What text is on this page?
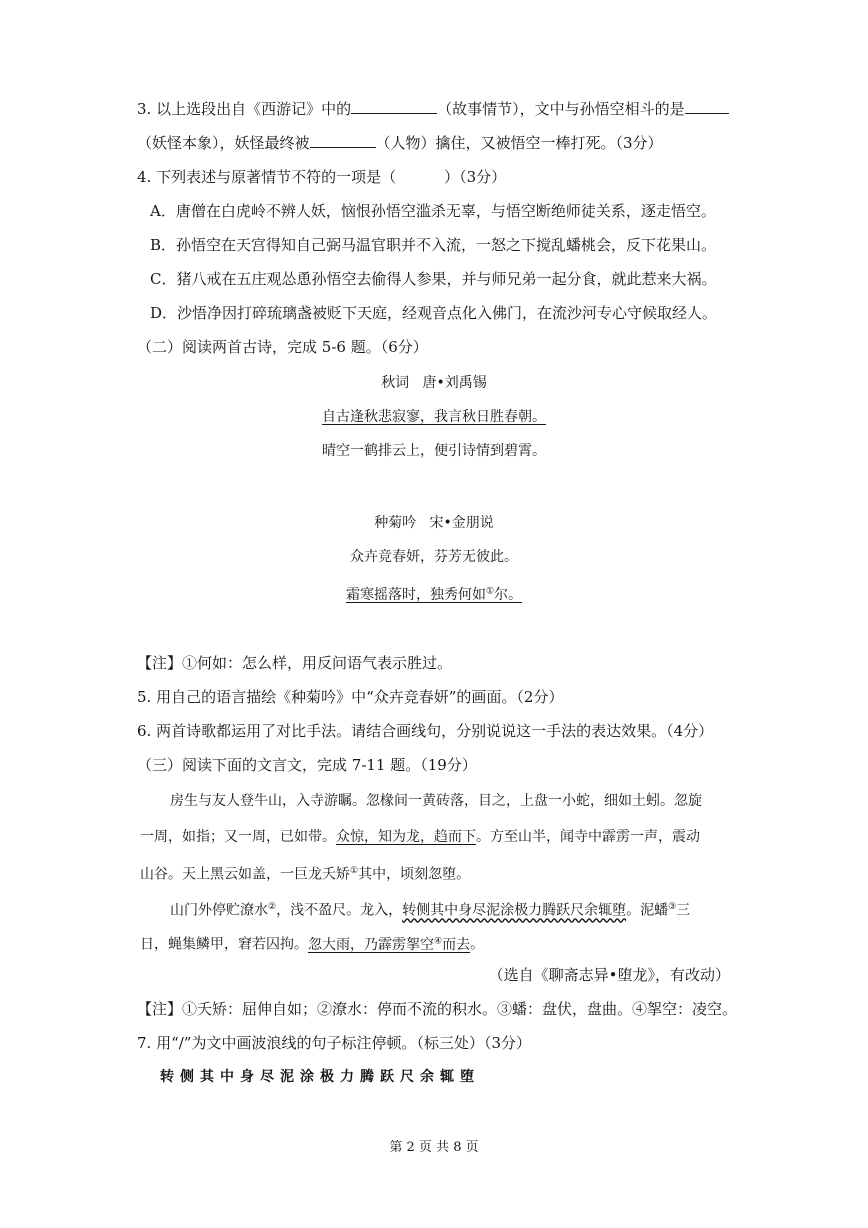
3. 以上选段出自《西游记》中的	（故事情节），文中与孙悟空相斗的是
（妖怪本象），妖怪最终被	（人物）擒住，又被悟空一棒打死。（3分）
4. 下列表述与原著情节不符的一项是（	）（3分）
A．唐僧在白虎岭不辨人妖，恼恨孙悟空滥杀无辜，与悟空断绝师徒关系，逐走悟空。
B．孙悟空在天宫得知自己弼马温官职并不入流，一怒之下搅乱蟠桃会，反下花果山。
C．猪八戒在五庄观怂恿孙悟空去偷得人参果，并与师兄弟一起分食，就此惹来大祸。
D．沙悟净因打碎琉璃盏被贬下天庭，经观音点化入佛门，在流沙河专心守候取经人。
（二）阅读两首古诗，完成 5-6 题。（6分）
秋词 唐•刘禹锡
自古逢秋悲寂寥，我言秋日胜春朝。
晴空一鹤排云上，便引诗情到碧霄。
种菊吟 宋•金朋说
众卉竞春妍，芬芳无彼此。
霜寒摇落时，独秀何如①尔。
【注】①何如：怎么样，用反问语气表示胜过。
5. 用自己的语言描绘《种菊吟》中“众卉竞春妍”的画面。（2分）
6. 两首诗歌都运用了对比手法。请结合画线句，分别说说这一手法的表达效果。（4分）
（三）阅读下面的文言文，完成 7-11 题。（19分）
房生与友人登牛山，入寺游瞩。忽椽间一黄砖落，目之，上盘一小蛇，细如土蚓。忽旋
一周，如指；又一周，已如带。众惊，知为龙，趋而下。方至山半，闻寺中霹雳一声，震动
山谷。天上黑云如盖，一巨龙夭矫①其中，顷刻忽堕。
山门外停贮潦水②，浅不盈尺。龙入，转侧其中身尽泥涂极力腾跃尺余辄堕。泥蟠③三
日，蝇集鳞甲，窘若囚拘。忽大雨，乃霹雳挐空④而去。
（选自《聊斋志异•堕龙》，有改动）
【注】①夭矫：屈伸自如；②潦水：停而不流的积水。③蟠：盘伏，盘曲。④挐空：凌空。
7. 用“/”为文中画波浪线的句子标注停顿。（标三处）（3分）
转侧其中身尽泥涂极力腾跃尺余辄堕
第 2 页 共 8 页
